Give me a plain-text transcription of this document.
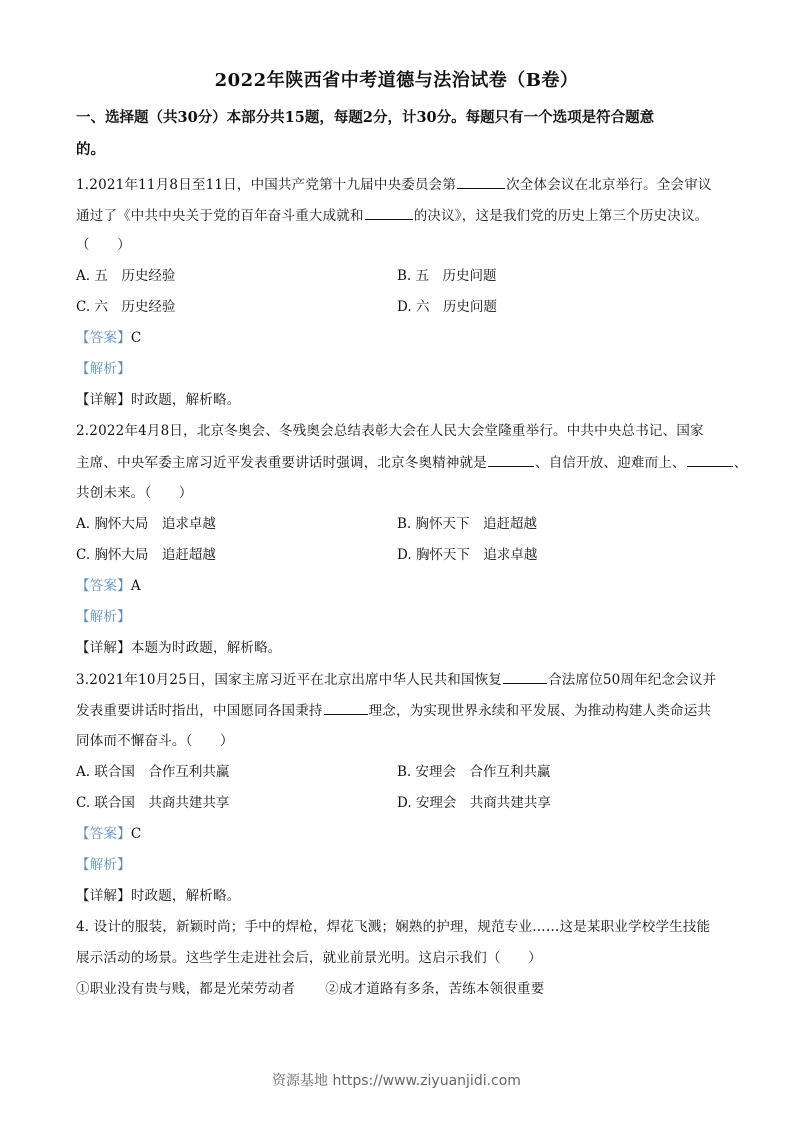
2022年陕西省中考道德与法治试卷（B卷）
一、选择题（共30分）本部分共15题，每题2分，计30分。每题只有一个选项是符合题意
的。
1.2021年11月8日至11日，中国共产党第十九届中央委员会第	次全体会议在北京举行。全会审议
通过了《中共中央关于党的百年奋斗重大成就和	的决议》，这是我们党的历史上第三个历史决议。
（　　）
A. 五　历史经验	B. 五　历史问题
C. 六　历史经验	D. 六　历史问题
【答案】C
【解析】
【详解】时政题，解析略。
2.2022年4月8日，北京冬奥会、冬残奥会总结表彰大会在人民大会堂隆重举行。中共中央总书记、国家
主席、中央军委主席习近平发表重要讲话时强调，北京冬奥精神就是	、自信开放、迎难而上、	、
共创未来。（　　）
A. 胸怀大局　追求卓越	B. 胸怀天下　追赶超越
C. 胸怀大局　追赶超越	D. 胸怀天下　追求卓越
【答案】A
【解析】
【详解】本题为时政题，解析略。
3.2021年10月25日，国家主席习近平在北京出席中华人民共和国恢复	合法席位50周年纪念会议并
发表重要讲话时指出，中国愿同各国秉持	理念，为实现世界永续和平发展、为推动构建人类命运共
同体而不懈奋斗。（　　）
A. 联合国　合作互利共赢	B. 安理会　合作互利共赢
C. 联合国　共商共建共享	D. 安理会　共商共建共享
【答案】C
【解析】
【详解】时政题，解析略。
4. 设计的服装，新颖时尚；手中的焊枪，焊花飞溅；娴熟的护理，规范专业……这是某职业学校学生技能
展示活动的场景。这些学生走进社会后，就业前景光明。这启示我们（　　）
①职业没有贵与贱，都是光荣劳动者 ②成才道路有多条，苦练本领很重要
资源基地 https://www.ziyuanjidi.com
